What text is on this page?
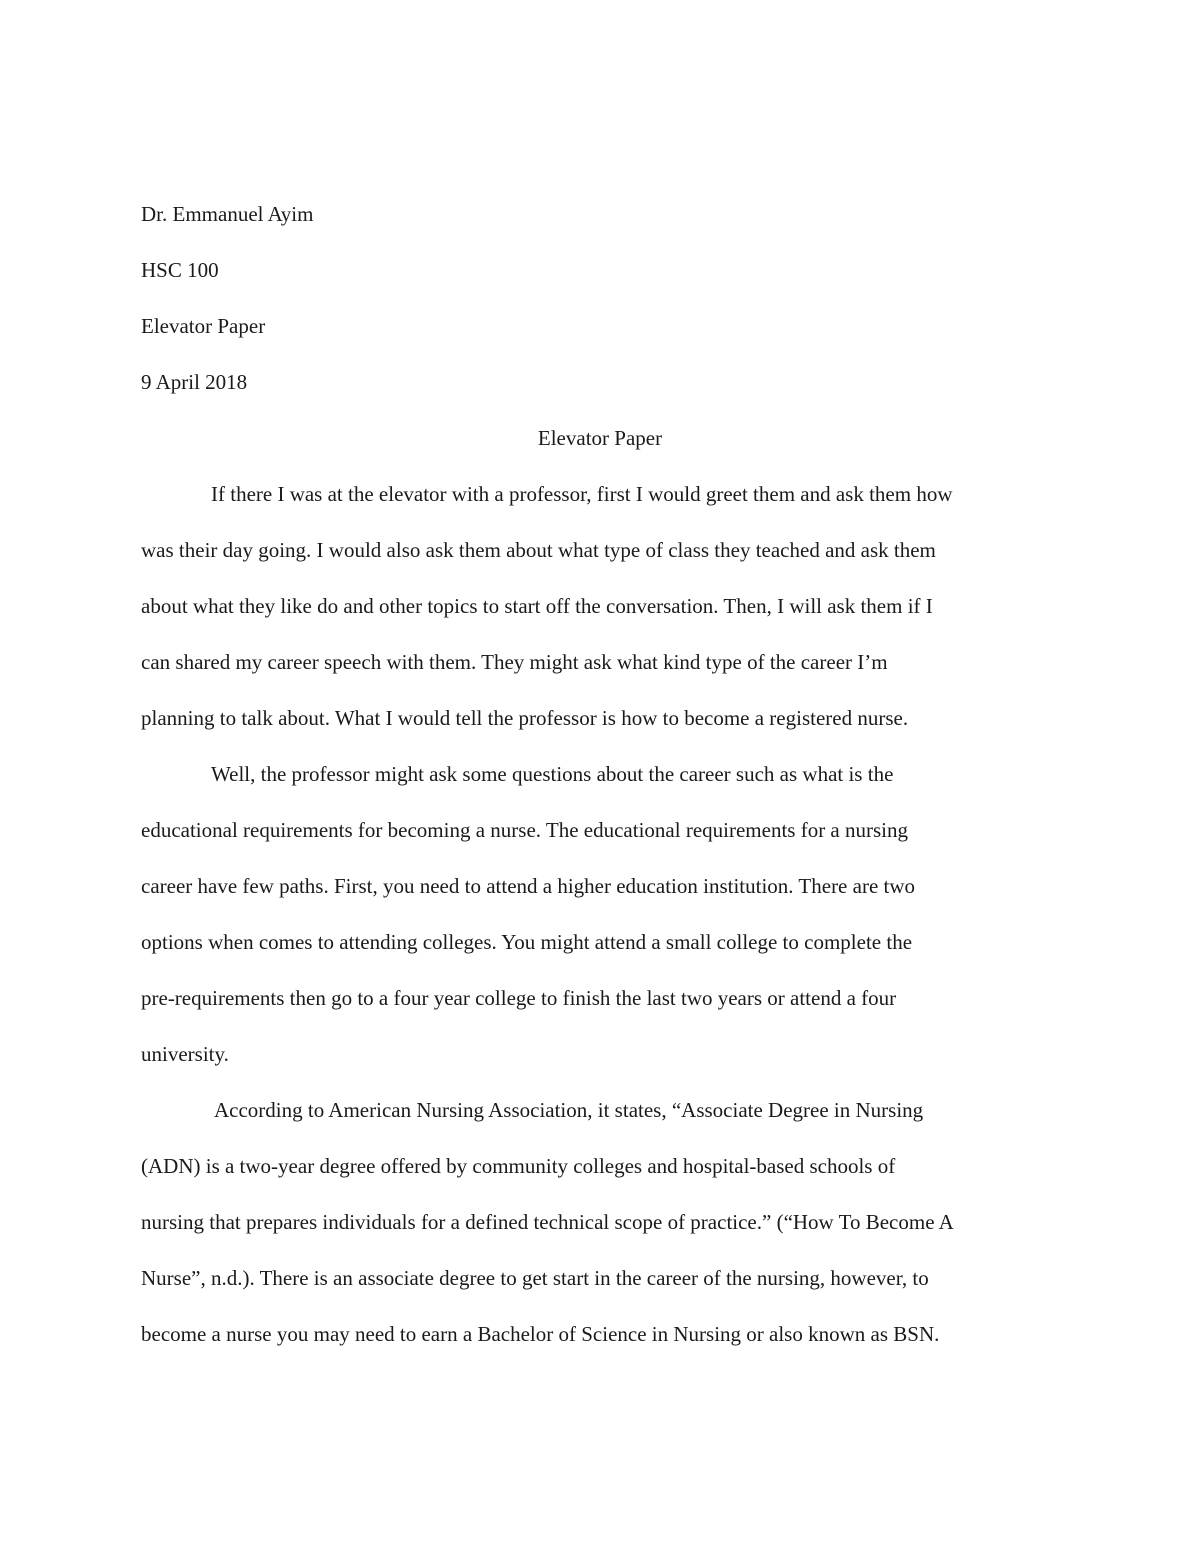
Dr. Emmanuel Ayim
HSC 100
Elevator Paper
9 April 2018
Elevator Paper
If there I was at the elevator with a professor, first I would greet them and ask them how
was their day going. I would also ask them about what type of class they teached and ask them
about what they like do and other topics to start off the conversation. Then, I will ask them if I
can shared my career speech with them. They might ask what kind type of the career I’m
planning to talk about. What I would tell the professor is how to become a registered nurse.
Well, the professor might ask some questions about the career such as what is the
educational requirements for becoming a nurse. The educational requirements for a nursing
career have few paths. First, you need to attend a higher education institution. There are two
options when comes to attending colleges. You might attend a small college to complete the
pre-requirements then go to a four year college to finish the last two years or attend a four
university.
According to American Nursing Association, it states, “Associate Degree in Nursing
(ADN) is a two-year degree offered by community colleges and hospital-based schools of
nursing that prepares individuals for a defined technical scope of practice.” (“How To Become A
Nurse”, n.d.). There is an associate degree to get start in the career of the nursing, however, to
become a nurse you may need to earn a Bachelor of Science in Nursing or also known as BSN.
